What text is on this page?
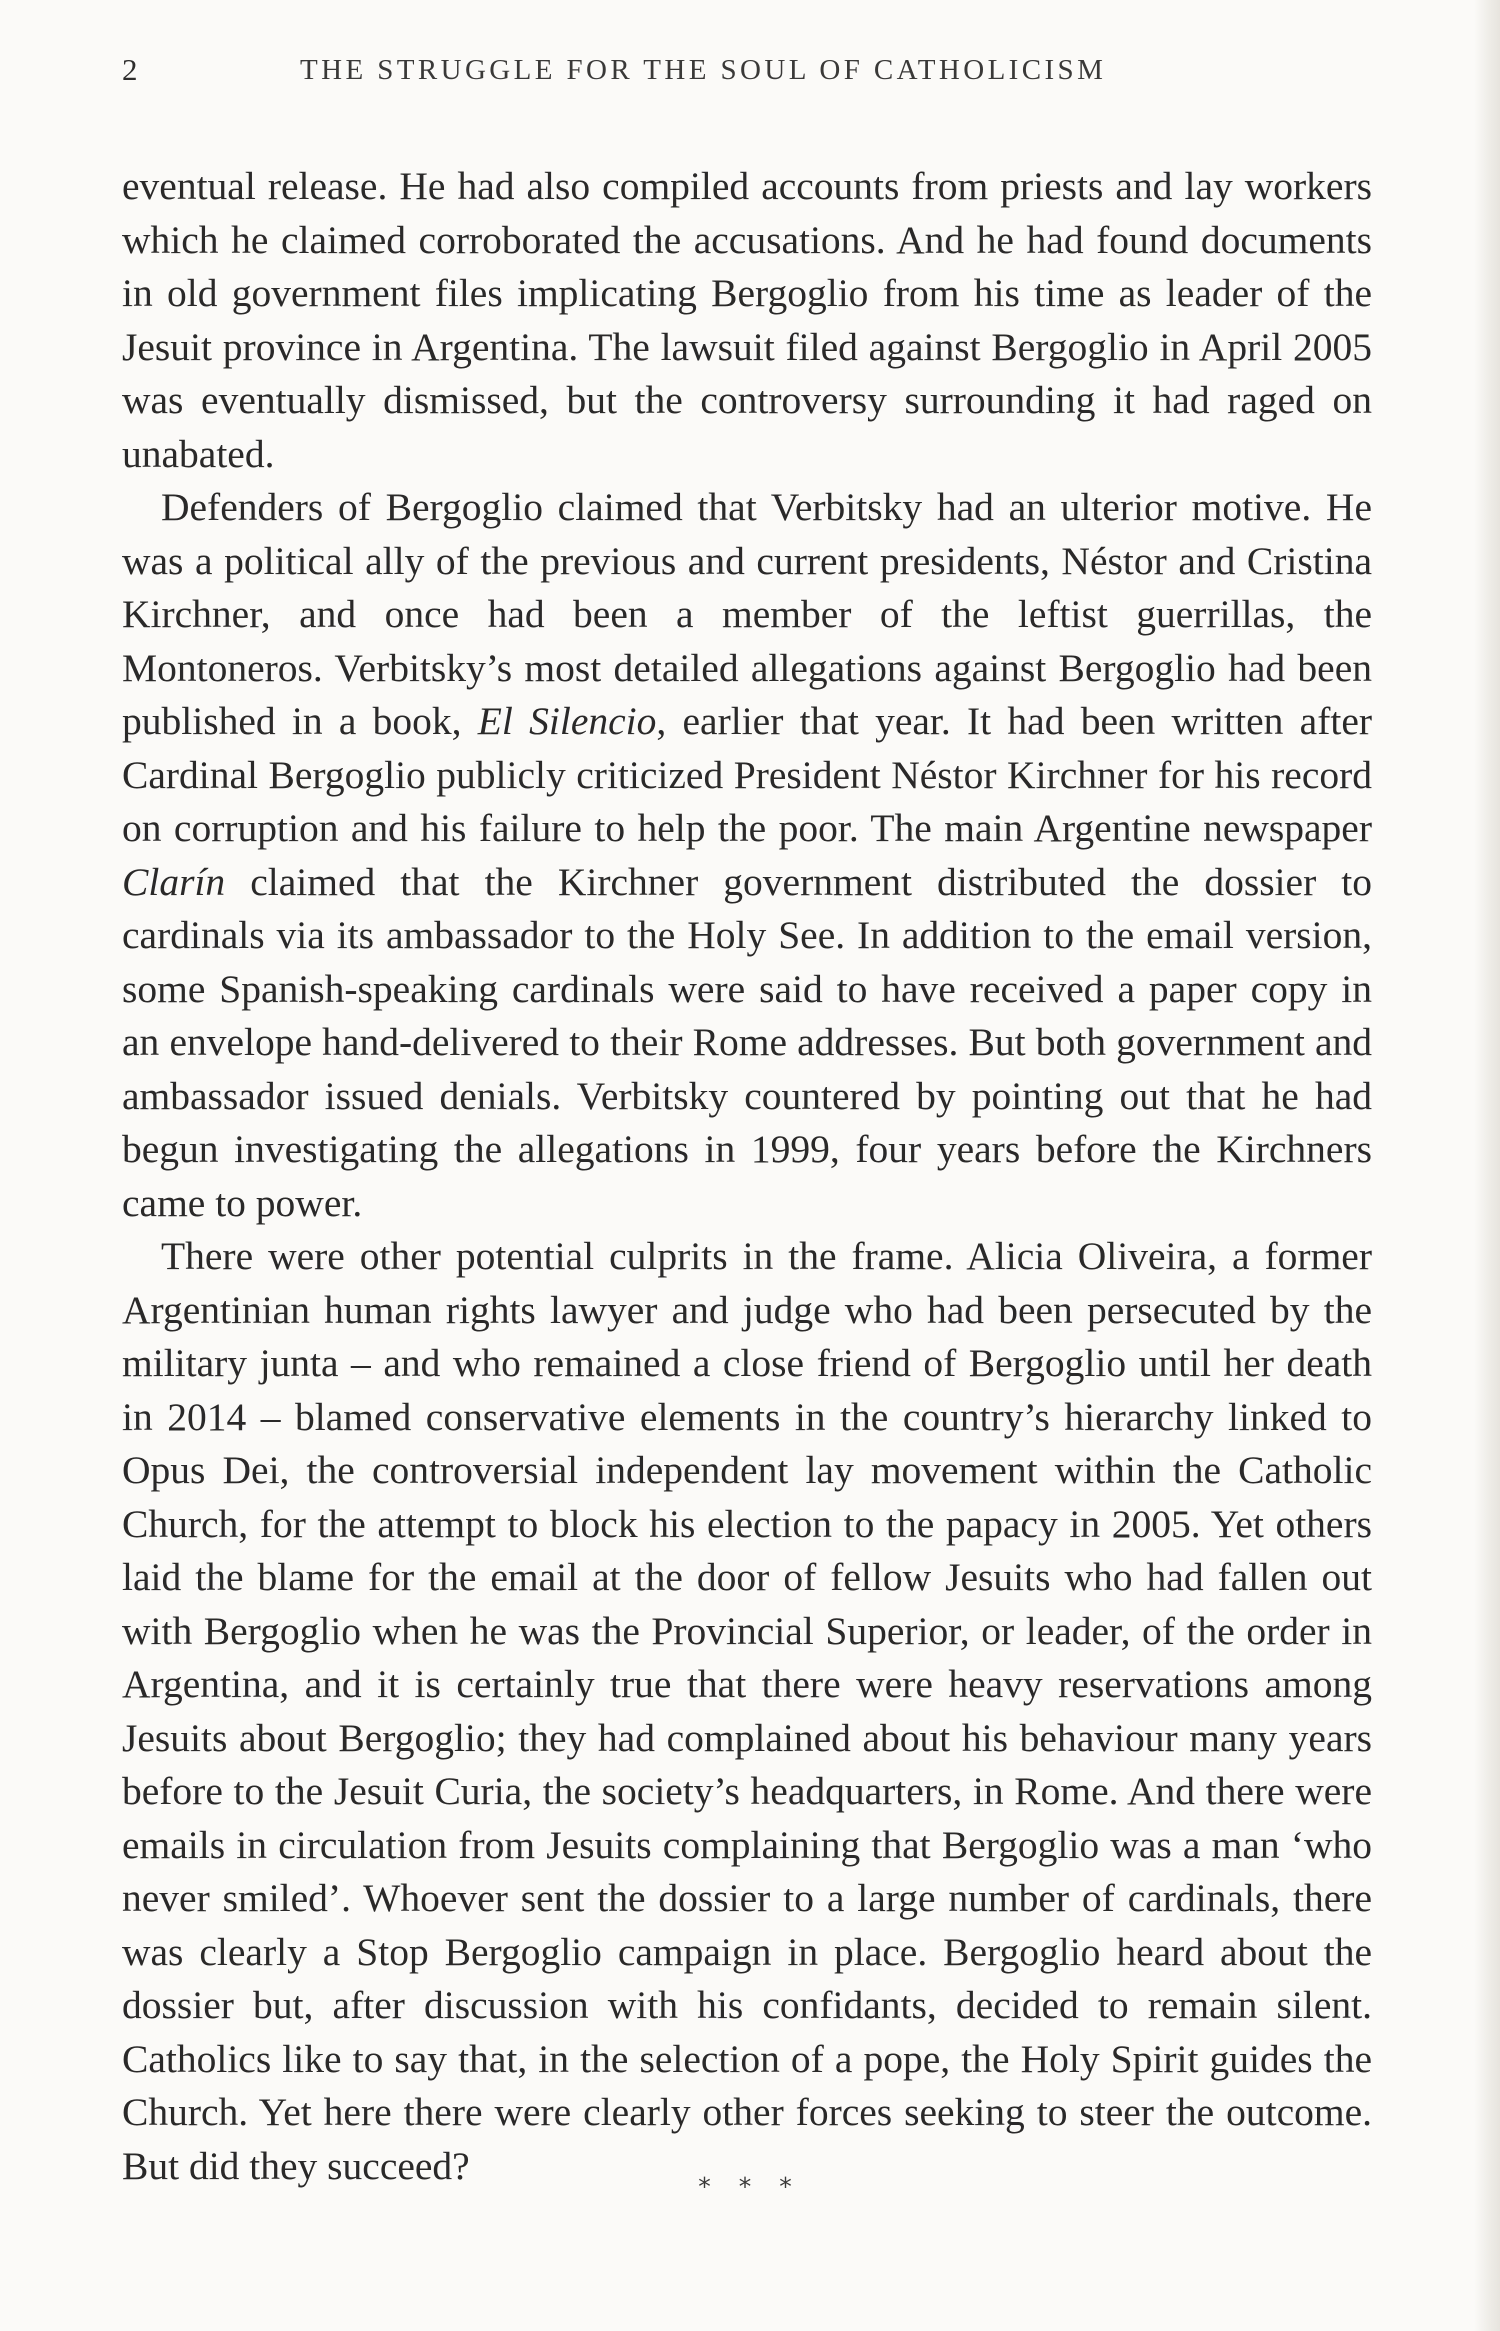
2	THE STRUGGLE FOR THE SOUL OF CATHOLICISM

eventual release. He had also compiled accounts from priests and lay workers which he claimed corroborated the accusations. And he had found documents in old government files implicating Bergoglio from his time as leader of the Jesuit province in Argentina. The lawsuit filed against Bergoglio in April 2005 was eventually dismissed, but the controversy surrounding it had raged on unabated.

Defenders of Bergoglio claimed that Verbitsky had an ulterior motive. He was a political ally of the previous and current presidents, Néstor and Cristina Kirchner, and once had been a member of the leftist guerrillas, the Montoneros. Verbitsky’s most detailed allegations against Bergoglio had been published in a book, El Silencio, earlier that year. It had been written after Cardinal Bergoglio publicly criticized President Néstor Kirchner for his record on corruption and his failure to help the poor. The main Argentine newspaper Clarín claimed that the Kirchner government distributed the dossier to cardinals via its ambassador to the Holy See. In addition to the email version, some Spanish-speaking cardinals were said to have received a paper copy in an envelope hand-delivered to their Rome addresses. But both government and ambassador issued denials. Verbitsky countered by pointing out that he had begun investigating the allegations in 1999, four years before the Kirchners came to power.

There were other potential culprits in the frame. Alicia Oliveira, a former Argentinian human rights lawyer and judge who had been persecuted by the military junta – and who remained a close friend of Bergoglio until her death in 2014 – blamed conservative elements in the country’s hierarchy linked to Opus Dei, the controversial independent lay movement within the Catholic Church, for the attempt to block his election to the papacy in 2005. Yet others laid the blame for the email at the door of fellow Jesuits who had fallen out with Bergoglio when he was the Provincial Superior, or leader, of the order in Argentina, and it is certainly true that there were heavy reservations among Jesuits about Bergoglio; they had complained about his behaviour many years before to the Jesuit Curia, the society’s headquarters, in Rome. And there were emails in circulation from Jesuits complaining that Bergoglio was a man ‘who never smiled’. Whoever sent the dossier to a large number of cardinals, there was clearly a Stop Bergoglio campaign in place. Bergoglio heard about the dossier but, after discussion with his confidants, decided to remain silent. Catholics like to say that, in the selection of a pope, the Holy Spirit guides the Church. Yet here there were clearly other forces seeking to steer the outcome. But did they succeed?	* * *
